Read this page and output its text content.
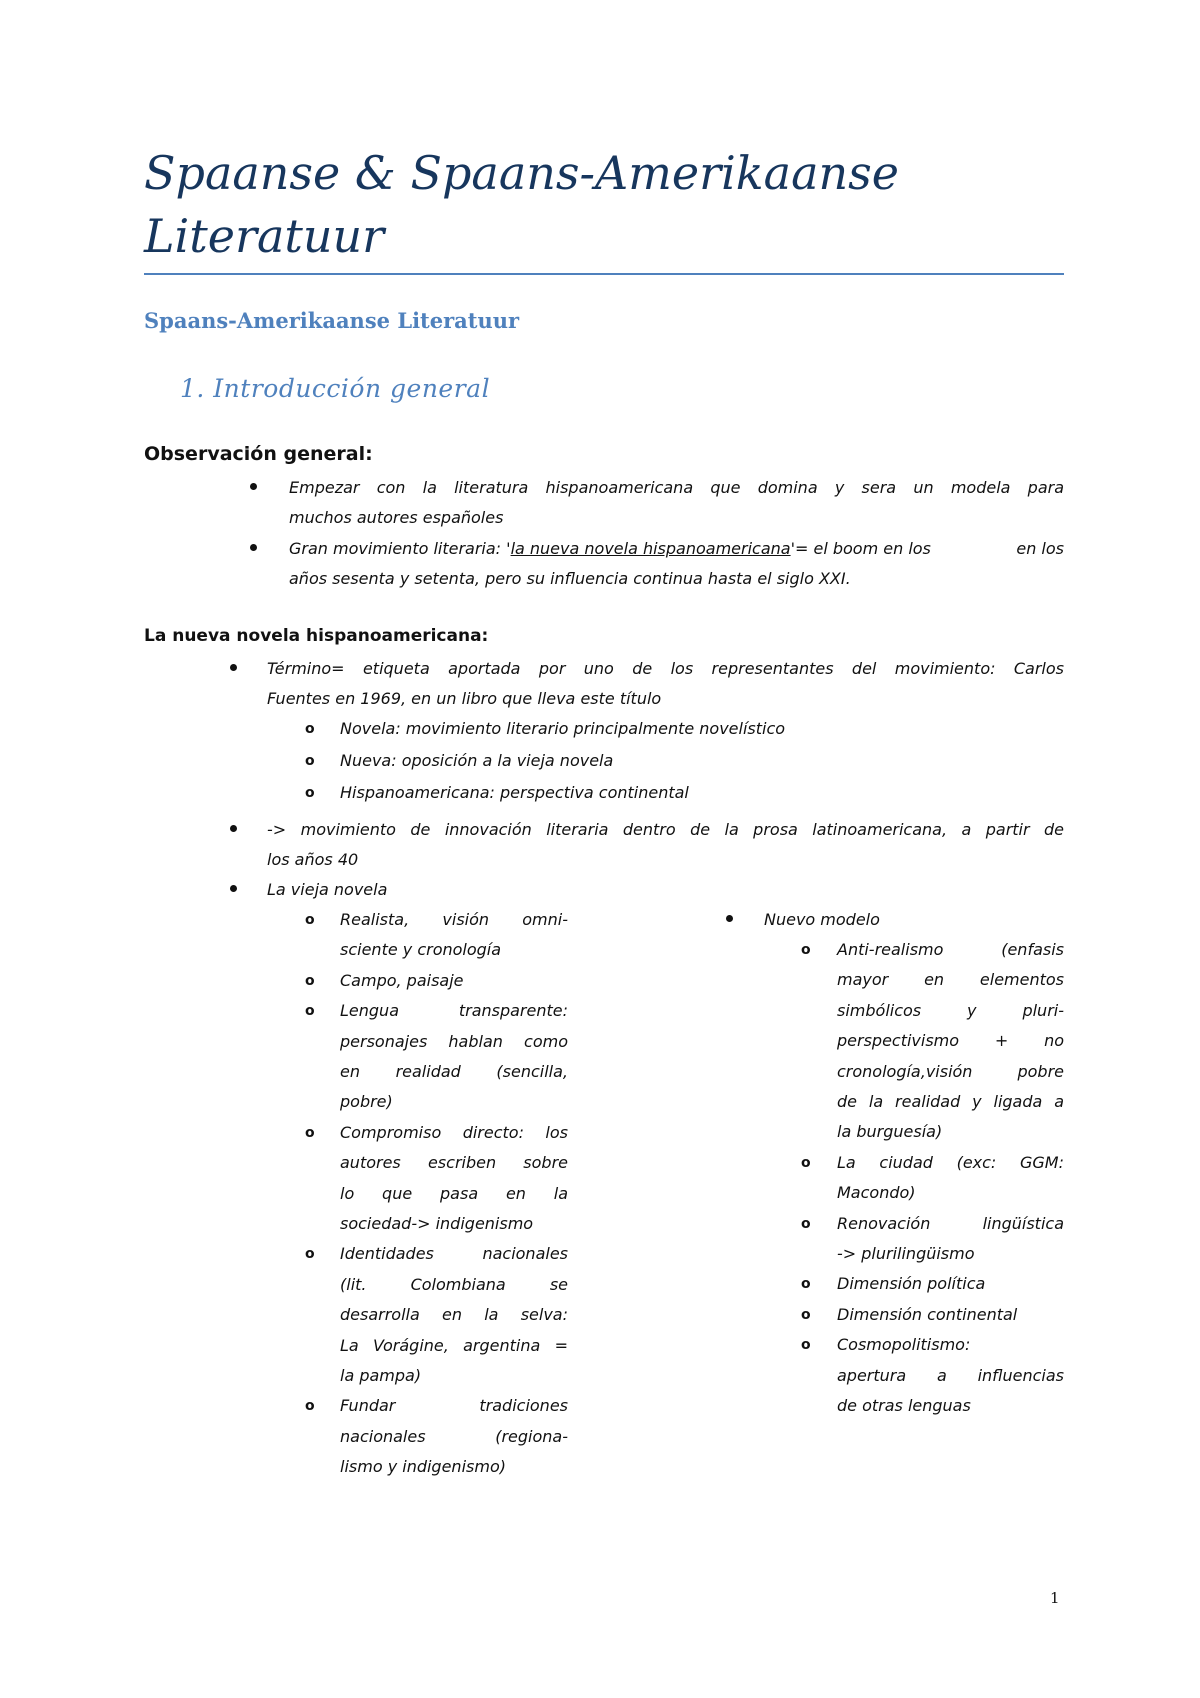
Spaanse & Spaans-Amerikaanse
Literatuur
Spaans-Amerikaanse Literatuur
1. Introducción general

Observación general:

Empezar con la literatura hispanoamericana que domina y sera un modela para
muchos autores españoles
Gran movimiento literaria: 'la nueva novela hispanoamericana'= el boom en los	en los
años sesenta y setenta, pero su influencia continua hasta el siglo XXI.

La nueva novela hispanoamericana:

Término= etiqueta aportada por uno de los representantes del movimiento: Carlos
Fuentes en 1969, en un libro que lleva este título
o Novela: movimiento literario principalmente novelístico
o Nueva: oposición a la vieja novela
o Hispanoamericana: perspectiva continental
-> movimiento de innovación literaria dentro de la prosa latinoamericana, a partir de
los años 40
La vieja novela
o Realista, visión omni-
sciente y cronología
o Campo, paisaje
o Lengua transparente:
personajes hablan como
en realidad (sencilla,
pobre)
o Compromiso directo: los
autores escriben sobre
lo que pasa en la
sociedad-> indigenismo
o Identidades nacionales
(lit. Colombiana se
desarrolla en la selva:
La Vorágine, argentina =
la pampa)
o Fundar tradiciones
nacionales (regiona-
lismo y indigenismo)
Nuevo modelo
o Anti-realismo (enfasis
mayor en elementos
simbólicos y pluri-
perspectivismo + no
cronología,visión pobre
de la realidad y ligada a
la burguesía)
o La ciudad (exc: GGM:
Macondo)
o Renovación lingüística
-> plurilingüismo
o Dimensión política
o Dimensión continental
o Cosmopolitismo:
apertura a influencias
de otras lenguas
1
